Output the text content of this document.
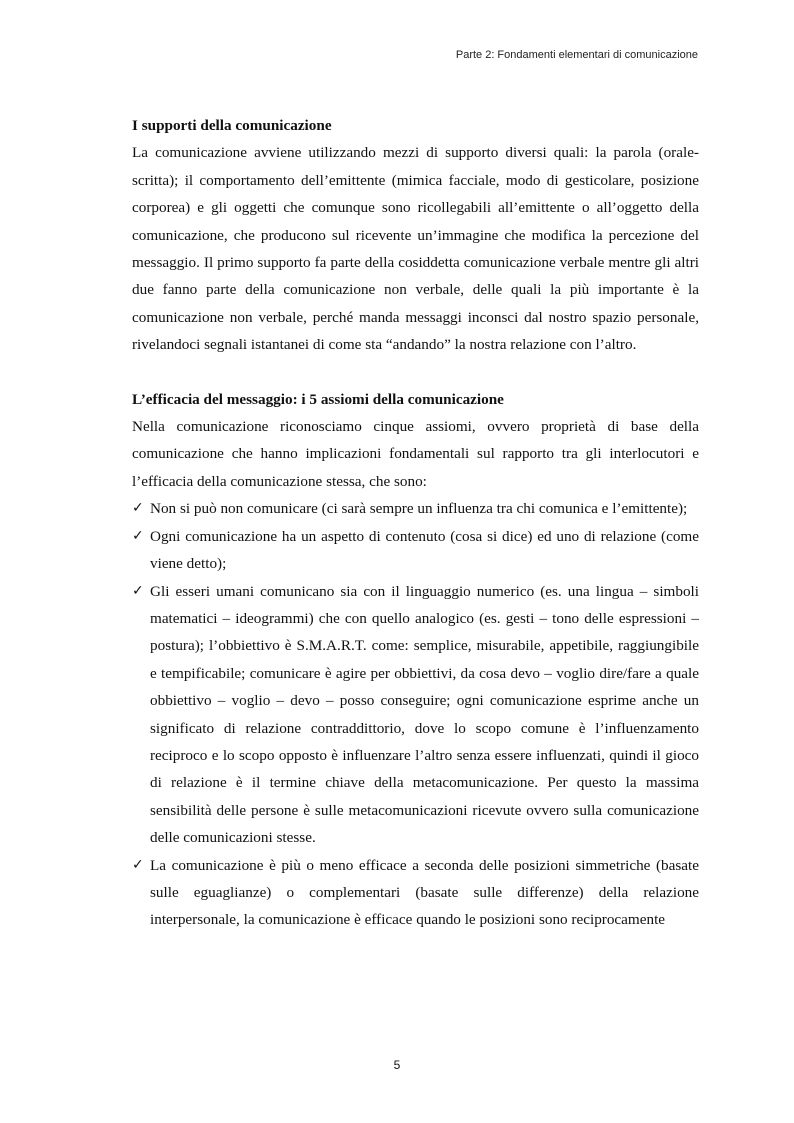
Parte 2: Fondamenti elementari di comunicazione
I supporti della comunicazione

La comunicazione avviene utilizzando mezzi di supporto diversi quali: la parola (orale-scritta); il comportamento dell’emittente (mimica facciale, modo di gesticolare, posizione corporea) e gli oggetti che comunque sono ricollegabili all’emittente o all’oggetto della comunicazione, che producono sul ricevente un’immagine che modifica la percezione del messaggio. Il primo supporto fa parte della cosiddetta comunicazione verbale mentre gli altri due fanno parte della comunicazione non verbale, delle quali la più importante è la comunicazione non verbale, perché manda messaggi inconsci dal nostro spazio personale, rivelandoci segnali istantanei di come sta “andando” la nostra relazione con l’altro.

L’efficacia del messaggio: i 5 assiomi della comunicazione

Nella comunicazione riconosciamo cinque assiomi, ovvero proprietà di base della comunicazione che hanno implicazioni fondamentali sul rapporto tra gli interlocutori e l’efficacia della comunicazione stessa, che sono:

✓ Non si può non comunicare (ci sarà sempre un influenza tra chi comunica e l’emittente);
✓ Ogni comunicazione ha un aspetto di contenuto (cosa si dice) ed uno di relazione (come viene detto);
✓ Gli esseri umani comunicano sia con il linguaggio numerico (es. una lingua – simboli matematici – ideogrammi) che con quello analogico (es. gesti – tono delle espressioni – postura); l’obbiettivo è S.M.A.R.T. come: semplice, misurabile, appetibile, raggiungibile e tempificabile; comunicare è agire per obbiettivi, da cosa devo – voglio dire/fare a quale obbiettivo – voglio – devo – posso conseguire; ogni comunicazione esprime anche un significato di relazione contraddittorio, dove lo scopo comune è l’influenzamento reciproco e lo scopo opposto è influenzare l’altro senza essere influenzati, quindi il gioco di relazione è il termine chiave della metacomunicazione. Per questo la massima sensibilità delle persone è sulle metacomunicazioni ricevute ovvero sulla comunicazione delle comunicazioni stesse.
✓ La comunicazione è più o meno efficace a seconda delle posizioni simmetriche (basate sulle eguaglianze) o complementari (basate sulle differenze) della relazione interpersonale, la comunicazione è efficace quando le posizioni sono reciprocamente
5
